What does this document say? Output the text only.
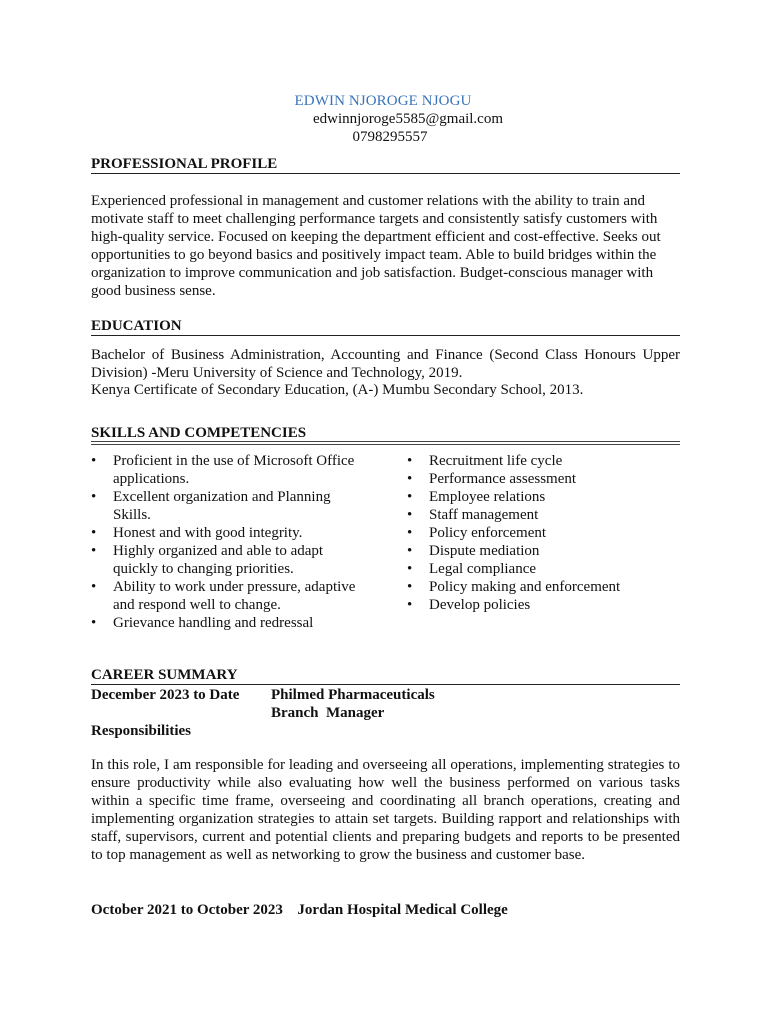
EDWIN NJOROGE NJOGU
edwinnjoroge5585@gmail.com
0798295557
PROFESSIONAL PROFILE
Experienced professional in management and customer relations with the ability to train and
motivate staff to meet challenging performance targets and consistently satisfy customers with
high-quality service. Focused on keeping the department efficient and cost-effective. Seeks out
opportunities to go beyond basics and positively impact team. Able to build bridges within the
organization to improve communication and job satisfaction. Budget-conscious manager with
good business sense.
EDUCATION
Bachelor of Business Administration, Accounting and Finance (Second Class Honours Upper Division) -Meru University of Science and Technology, 2019.
Kenya Certificate of Secondary Education, (A-) Mumbu Secondary School, 2013.
SKILLS AND COMPETENCIES
• Proficient in the use of Microsoft Office
applications.
• Excellent organization and Planning
Skills.
• Honest and with good integrity.
• Highly organized and able to adapt
quickly to changing priorities.
• Ability to work under pressure, adaptive
and respond well to change.
• Grievance handling and redressal
• Recruitment life cycle
• Performance assessment
• Employee relations
• Staff management
• Policy enforcement
• Dispute mediation
• Legal compliance
• Policy making and enforcement
• Develop policies
CAREER SUMMARY
December 2023 to Date Philmed Pharmaceuticals
Branch  Manager
Responsibilities
In this role, I am responsible for leading and overseeing all operations, implementing strategies to ensure productivity while also evaluating how well the business performed on various tasks within a specific time frame, overseeing and coordinating all branch operations, creating and implementing organization strategies to attain set targets. Building rapport and relationships with staff, supervisors, current and potential clients and preparing budgets and reports to be presented to top management as well as networking to grow the business and customer base.
October 2021 to October 2023 Jordan Hospital Medical College
